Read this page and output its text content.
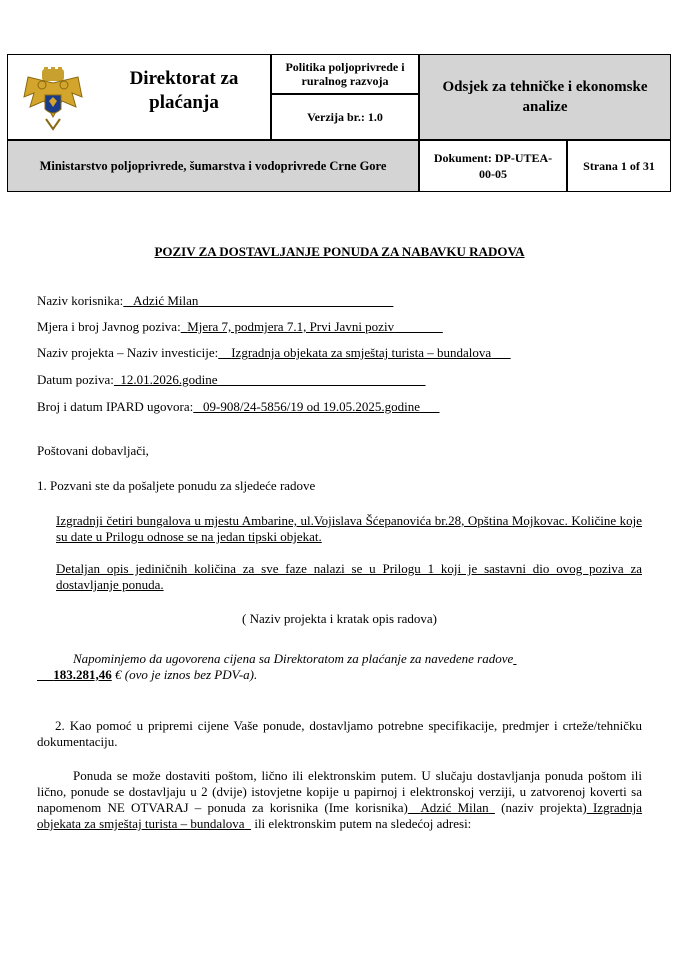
Direktorat za plaćanja
Politika poljoprivrede i ruralnog razvoja
Verzija br.: 1.0
Odsjek za tehničke i ekonomske analize
Ministarstvo poljoprivrede, šumarstva i vodoprivrede Crne Gore
Dokument: DP-UTEA-00-05
Strana 1 of 31
POZIV ZA DOSTAVLJANJE PONUDA ZA NABAVKU RADOVA
Naziv korisnika: Adzić Milan
Mjera i broj Javnog poziva: Mjera 7, podmjera 7.1, Prvi Javni poziv
Naziv projekta – Naziv investicije: Izgradnja objekata za smještaj turista – bundalova
Datum poziva: 12.01.2026.godine
Broj i datum IPARD ugovora: 09-908/24-5856/19 od 19.05.2025.godine
Poštovani dobavljači,
1. Pozvani ste da pošaljete ponudu za sljedeće radove
Izgradnji četiri bungalova u mjestu Ambarine, ul.Vojislava Šćepanovića br.28, Opština Mojkovac. Količine koje su date u Prilogu odnose se na jedan tipski objekat.
Detaljan opis jediničnih količina za sve faze nalazi se u Prilogu 1 koji je sastavni dio ovog poziva za dostavljanje ponuda.
( Naziv projekta i kratak opis radova)
Napominjemo da ugovorena cijena sa Direktoratom za plaćanje za navedene radove
183.281,46 € (ovo je iznos bez PDV-a).
2. Kao pomoć u pripremi cijene Vaše ponude, dostavljamo potrebne specifikacije, predmjer i crteže/tehničku dokumentaciju.
Ponuda se može dostaviti poštom, lično ili elektronskim putem. U slučaju dostavljanja ponuda poštom ili lično, ponude se dostavljaju u 2 (dvije) istovjetne kopije u papirnoj i elektronskoj verziji, u zatvorenoj koverti sa napomenom NE OTVARAJ – ponuda za korisnika (Ime korisnika) Adzić Milan (naziv projekta) Izgradnja objekata za smještaj turista – bundalova ili elektronskim putem na sledećoj adresi:
